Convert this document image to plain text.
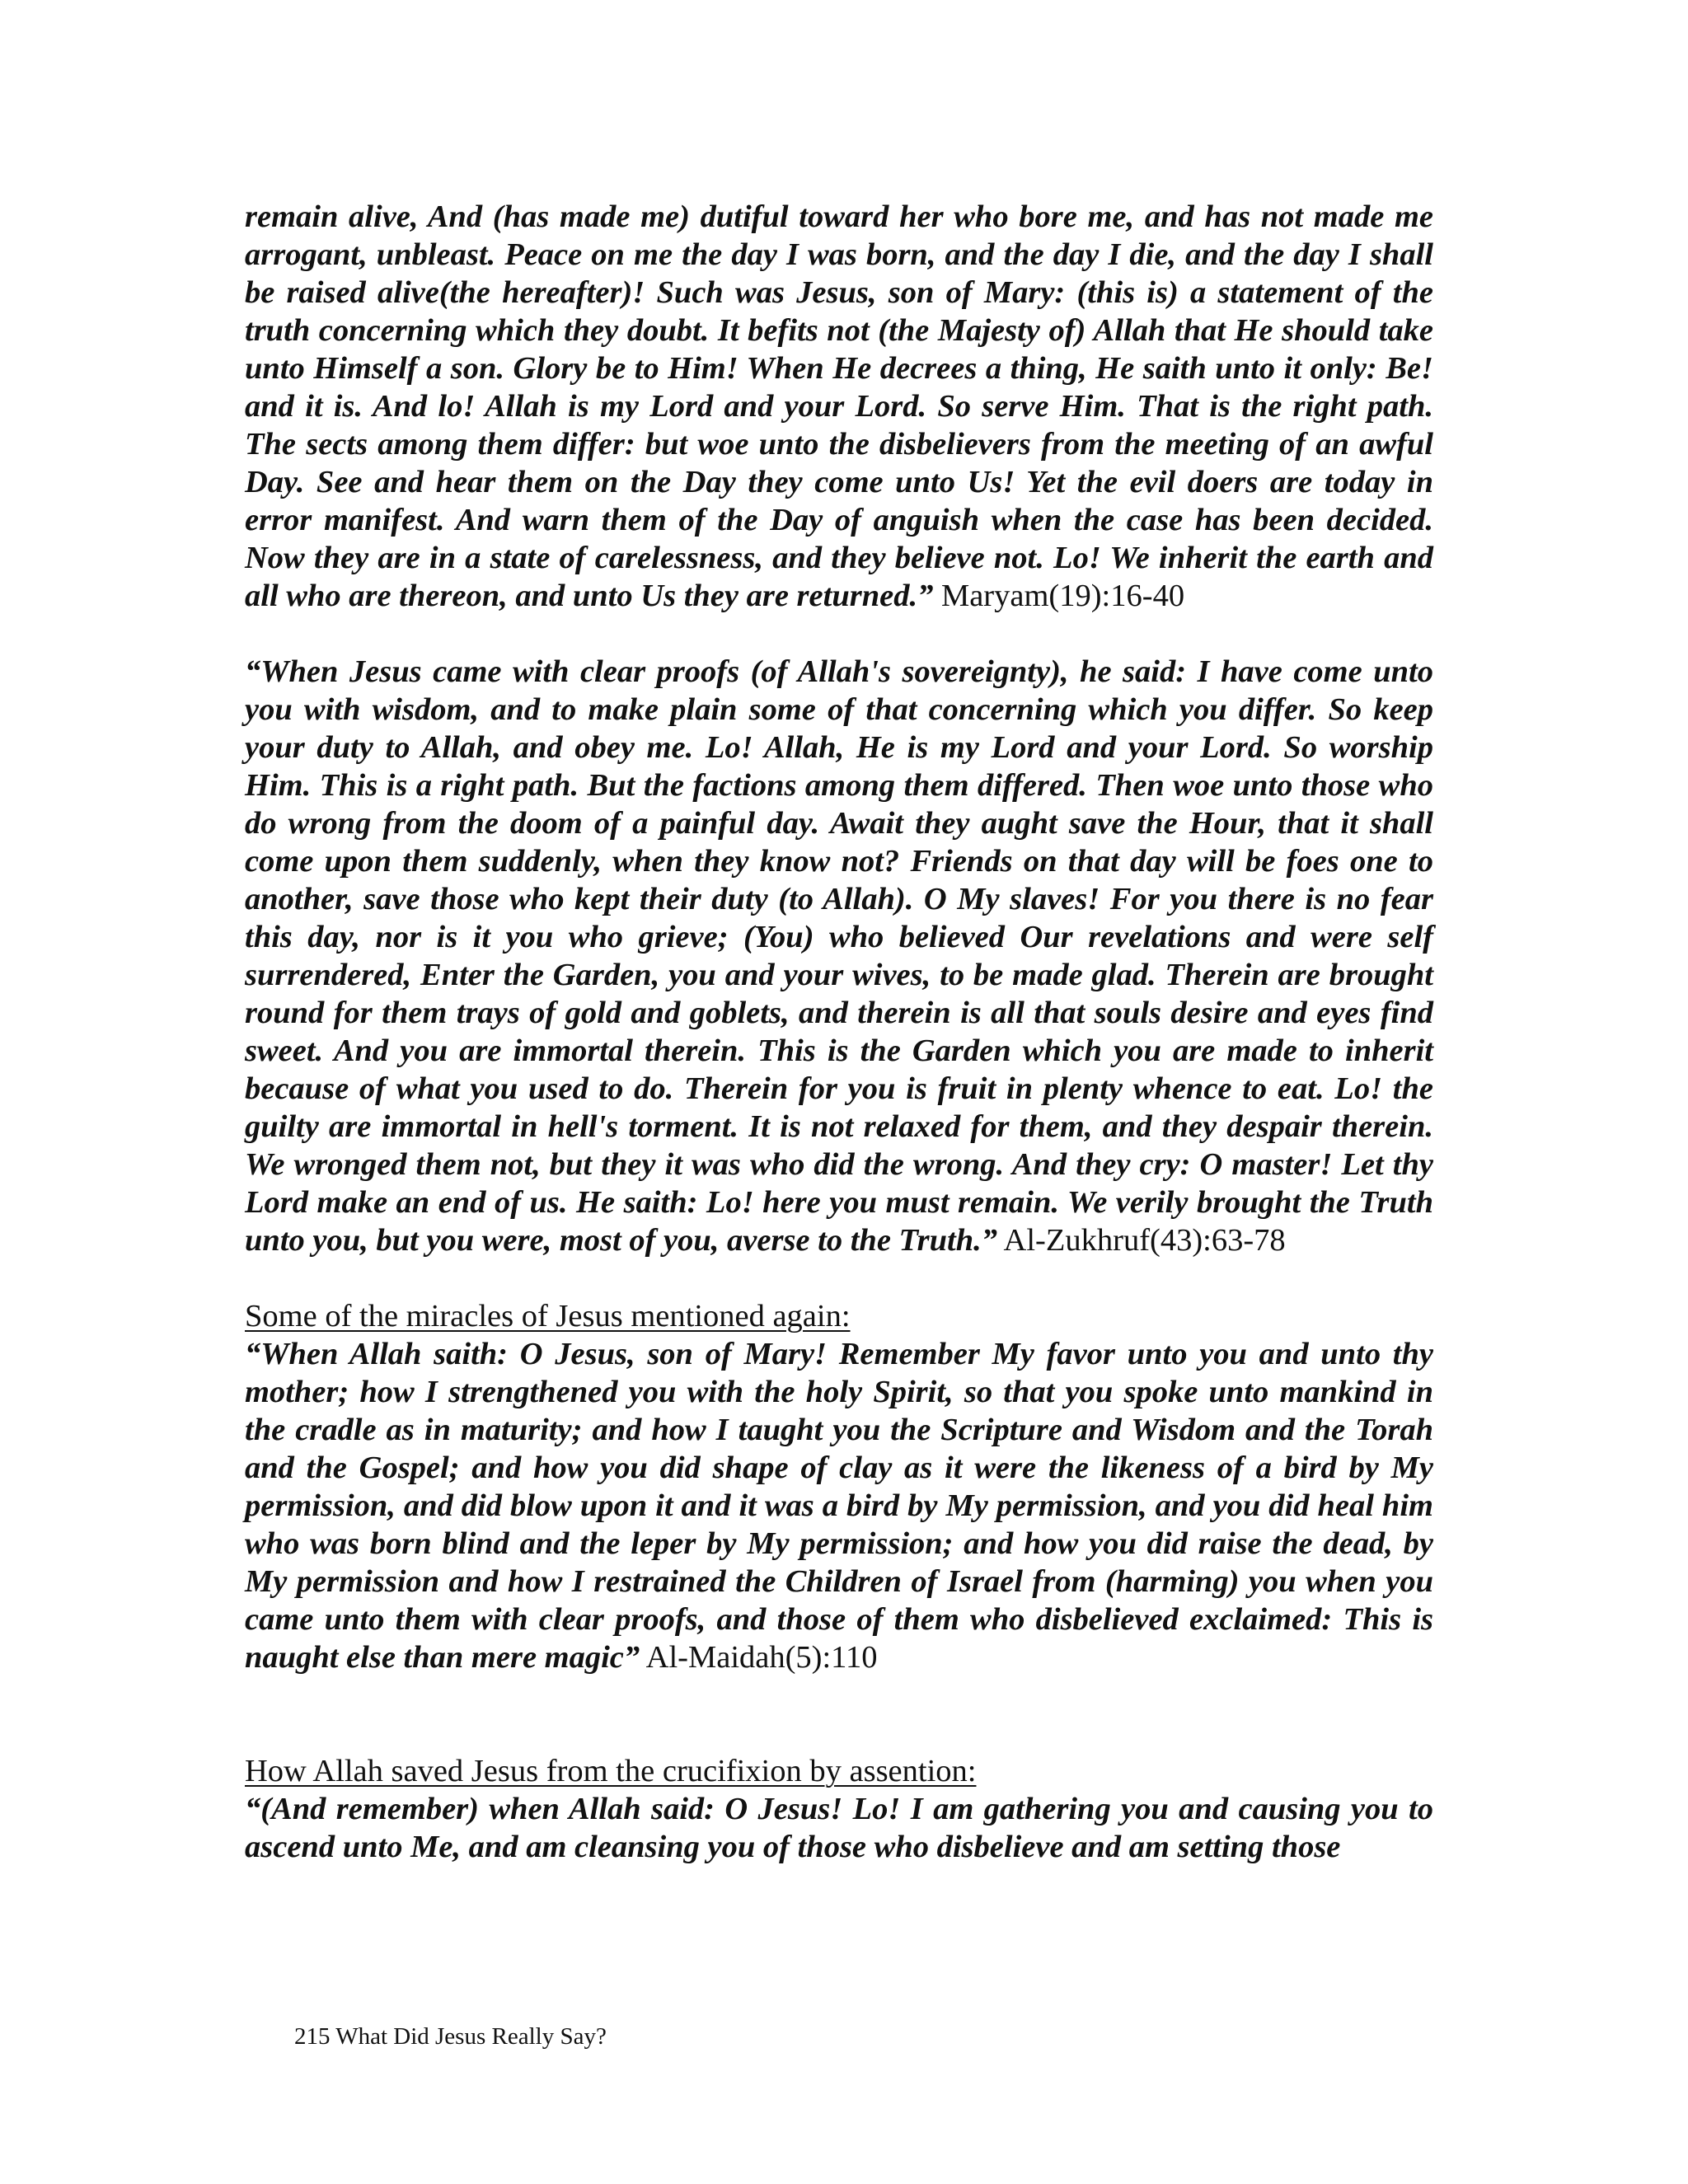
remain alive, And (has made me) dutiful toward her who bore me, and has not made me arrogant, unbleast. Peace on me the day I was born, and the day I die, and the day I shall be raised alive(the hereafter)! Such was Jesus, son of Mary: (this is) a statement of the truth concerning which they doubt. It befits not (the Majesty of) Allah that He should take unto Himself a son. Glory be to Him! When He decrees a thing, He saith unto it only: Be! and it is. And lo! Allah is my Lord and your Lord. So serve Him. That is the right path. The sects among them differ: but woe unto the disbelievers from the meeting of an awful Day. See and hear them on the Day they come unto Us! Yet the evil doers are today in error manifest. And warn them of the Day of anguish when the case has been decided. Now they are in a state of carelessness, and they believe not. Lo! We inherit the earth and all who are thereon, and unto Us they are returned.” Maryam(19):16-40

“When Jesus came with clear proofs (of Allah's sovereignty), he said: I have come unto you with wisdom, and to make plain some of that concerning which you differ. So keep your duty to Allah, and obey me. Lo! Allah, He is my Lord and your Lord. So worship Him. This is a right path. But the factions among them differed. Then woe unto those who do wrong from the doom of a painful day. Await they aught save the Hour, that it shall come upon them suddenly, when they know not? Friends on that day will be foes one to another, save those who kept their duty (to Allah). O My slaves! For you there is no fear this day, nor is it you who grieve; (You) who believed Our revelations and were self surrendered, Enter the Garden, you and your wives, to be made glad. Therein are brought round for them trays of gold and goblets, and therein is all that souls desire and eyes find sweet. And you are immortal therein. This is the Garden which you are made to inherit because of what you used to do. Therein for you is fruit in plenty whence to eat. Lo! the guilty are immortal in hell's torment. It is not relaxed for them, and they despair therein. We wronged them not, but they it was who did the wrong. And they cry: O master! Let thy Lord make an end of us. He saith: Lo! here you must remain. We verily brought the Truth unto you, but you were, most of you, averse to the Truth.” Al-Zukhruf(43):63-78

Some of the miracles of Jesus mentioned again:
“When Allah saith: O Jesus, son of Mary! Remember My favor unto you and unto thy mother; how I strengthened you with the holy Spirit, so that you spoke unto mankind in the cradle as in maturity; and how I taught you the Scripture and Wisdom and the Torah and the Gospel; and how you did shape of clay as it were the likeness of a bird by My permission, and did blow upon it and it was a bird by My permission, and you did heal him who was born blind and the leper by My permission; and how you did raise the dead, by My permission and how I restrained the Children of Israel from (harming) you when you came unto them with clear proofs, and those of them who disbelieved exclaimed: This is naught else than mere magic” Al-Maidah(5):110

How Allah saved Jesus from the crucifixion by assention:
“(And remember) when Allah said: O Jesus! Lo! I am gathering you and causing you to ascend unto Me, and am cleansing you of those who disbelieve and am setting those

215 What Did Jesus Really Say?
